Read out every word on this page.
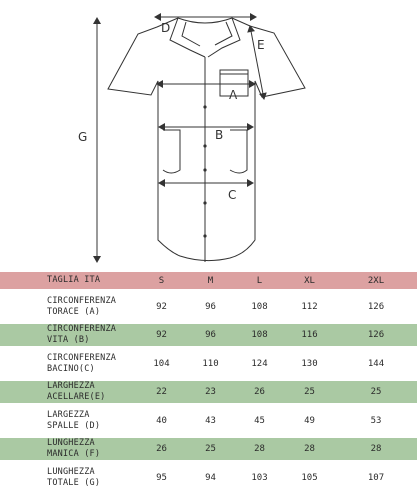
D
E
A
B
C
G
TAGLIA ITA	S	M	L	XL	2XL
CIRCONFERENZA
TORACE (A)	92	96	108	112	126
CIRCONFERENZA
VITA (B)	92	96	108	116	126
CIRCONFERENZA
BACINO(C)	104	110	124	130	144
LARGHEZZA
ACELLARE(E)	22	23	26	25	25
LARGEZZA
SPALLE (D)	40	43	45	49	53
LUNGHEZZA
MANICA (F)	26	25	28	28	28
LUNGHEZZA
TOTALE (G)	95	94	103	105	107
